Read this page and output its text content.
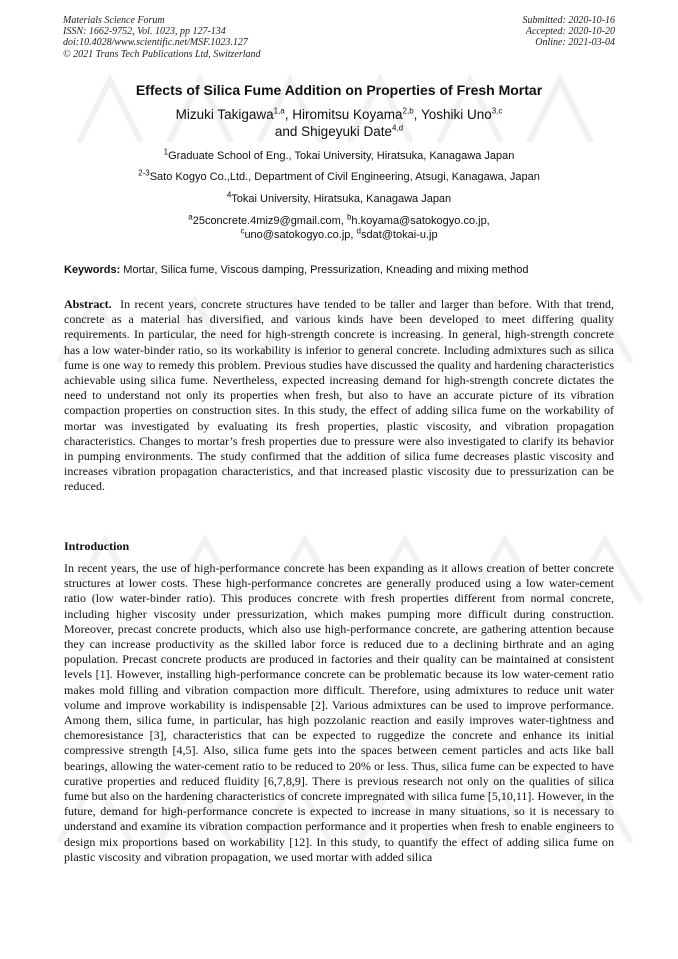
Materials Science Forum
ISSN: 1662-9752, Vol. 1023, pp 127-134
doi:10.4028/www.scientific.net/MSF.1023.127
© 2021 Trans Tech Publications Ltd, Switzerland
Submitted: 2020-10-16
Accepted: 2020-10-20
Online: 2021-03-04
Effects of Silica Fume Addition on Properties of Fresh Mortar
Mizuki Takigawa$^{1,a}$, Hiromitsu Koyama$^{2,b}$, Yoshiki Uno$^{3,c}$
and Shigeyuki Date$^{4,d}$
$^1$Graduate School of Eng., Tokai University, Hiratsuka, Kanagawa Japan
$^{2-3}$Sato Kogyo Co.,Ltd., Department of Civil Engineering, Atsugi, Kanagawa, Japan
$^4$Tokai University, Hiratsuka, Kanagawa Japan
$^a$25concrete.4miz9@gmail.com, $^b$h.koyama@satokogyo.co.jp,
$^c$uno@satokogyo.co.jp, $^d$sdat@tokai-u.jp
Keywords: Mortar, Silica fume, Viscous damping, Pressurization, Kneading and mixing method
Abstract. In recent years, concrete structures have tended to be taller and larger than before. With that trend, concrete as a material has diversified, and various kinds have been developed to meet differing quality requirements. In particular, the need for high-strength concrete is increasing. In general, high-strength concrete has a low water-binder ratio, so its workability is inferior to general concrete. Including admixtures such as silica fume is one way to remedy this problem. Previous studies have discussed the quality and hardening characteristics achievable using silica fume. Nevertheless, expected increasing demand for high-strength concrete dictates the need to understand not only its properties when fresh, but also to have an accurate picture of its vibration compaction properties on construction sites. In this study, the effect of adding silica fume on the workability of mortar was investigated by evaluating its fresh properties, plastic viscosity, and vibration propagation characteristics. Changes to mortar’s fresh properties due to pressure were also investigated to clarify its behavior in pumping environments. The study confirmed that the addition of silica fume decreases plastic viscosity and increases vibration propagation characteristics, and that increased plastic viscosity due to pressurization can be reduced.
Introduction
In recent years, the use of high-performance concrete has been expanding as it allows creation of better concrete structures at lower costs. These high-performance concretes are generally produced using a low water-cement ratio (low water-binder ratio). This produces concrete with fresh properties different from normal concrete, including higher viscosity under pressurization, which makes pumping more difficult during construction. Moreover, precast concrete products, which also use high-performance concrete, are gathering attention because they can increase productivity as the skilled labor force is reduced due to a declining birthrate and an aging population. Precast concrete products are produced in factories and their quality can be maintained at consistent levels [1]. However, installing high-performance concrete can be problematic because its low water-cement ratio makes mold filling and vibration compaction more difficult. Therefore, using admixtures to reduce unit water volume and improve workability is indispensable [2]. Various admixtures can be used to improve performance. Among them, silica fume, in particular, has high pozzolanic reaction and easily improves water-tightness and chemoresistance [3], characteristics that can be expected to ruggedize the concrete and enhance its initial compressive strength [4,5]. Also, silica fume gets into the spaces between cement particles and acts like ball bearings, allowing the water-cement ratio to be reduced to 20% or less. Thus, silica fume can be expected to have curative properties and reduced fluidity [6,7,8,9]. There is previous research not only on the qualities of silica fume but also on the hardening characteristics of concrete impregnated with silica fume [5,10,11]. However, in the future, demand for high-performance concrete is expected to increase in many situations, so it is necessary to understand and examine its vibration compaction performance and it properties when fresh to enable engineers to design mix proportions based on workability [12]. In this study, to quantify the effect of adding silica fume on plastic viscosity and vibration propagation, we used mortar with added silica
